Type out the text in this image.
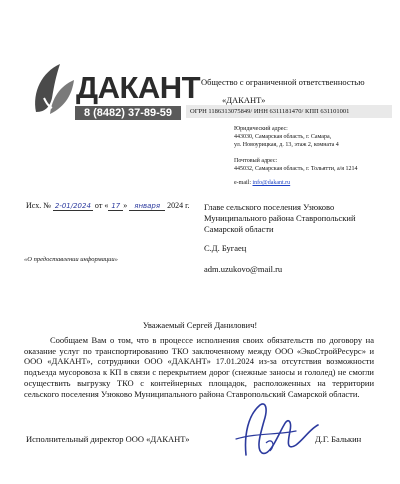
ДАКАНТ
8 (8482) 37-89-59
Общество с ограниченной ответственностью
«ДАКАНТ»
ОГРН 1186313075849/ ИНН 6311181470/ КПП 631101001
Юридический адрес:
443030, Самарская область, г. Самара,
ул. Новоурицкая, д. 13, этаж 2, комната 4
Почтовый адрес:
445032, Самарская область, г. Тольятти, а/я 1214
e-mail: info@dakant.ru
Исх. № 2-01/2024 от « 17 » января 2024 г.
«О предоставлении информации»
Главе сельского поселения Узюково
Муниципального района Ставропольский
Самарской области
С.Д. Бугаец
adm.uzukovo@mail.ru
Уважаемый Сергей Данилович!
Сообщаем Вам о том, что в процессе исполнения своих обязательств по договору на оказание услуг по транспортированию ТКО заключенному между ООО «ЭкоСтройРесурс» и ООО «ДАКАНТ», сотрудники ООО «ДАКАНТ» 17.01.2024 из-за отсутствия возможности подъезда мусоровоза к КП в связи с перекрытием дорог (снежные заносы и гололед) не смогли осуществить выгрузку ТКО с контейнерных площадок, расположенных на территории сельского поселения Узюково Муниципального района Ставропольский Самарской области.
Исполнительный директор ООО «ДАКАНТ»	Д.Г. Балькин
